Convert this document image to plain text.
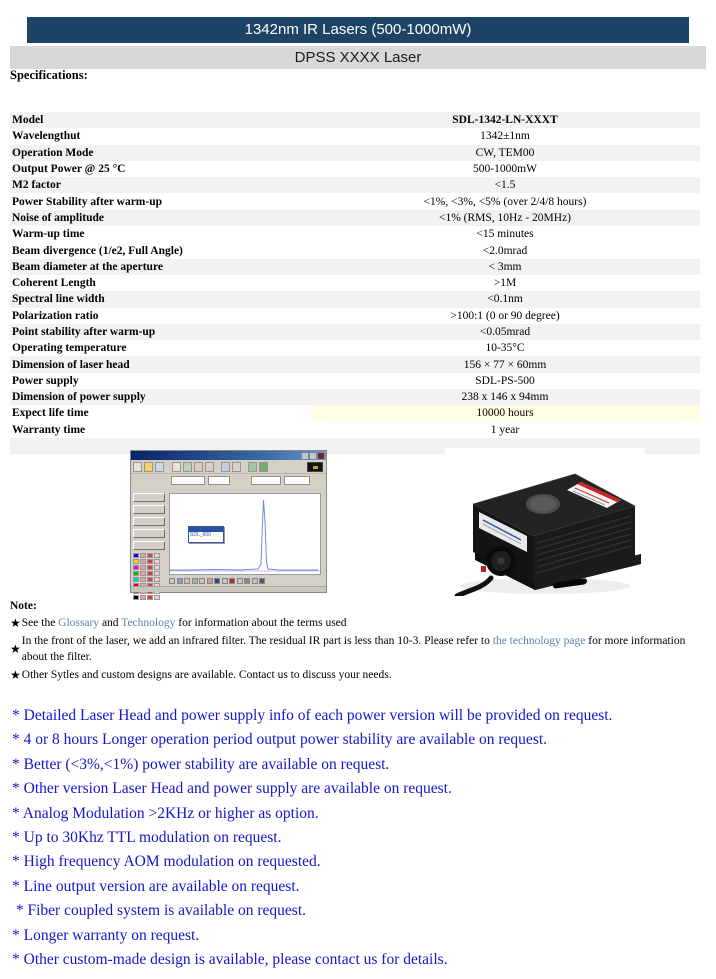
1342nm IR Lasers (500-1000mW)
DPSS XXXX Laser
Specifications:
Model	SDL-1342-LN-XXXT
Wavelengthut	1342±1nm
Operation Mode	CW, TEM00
Output Power @ 25 °C	500-1000mW
M2 factor	<1.5
Power Stability after warm-up	<1%, <3%, <5% (over 2/4/8 hours)
Noise of amplitude	<1% (RMS, 10Hz - 20MHz)
Warm-up time	<15 minutes
Beam divergence (1/e2, Full Angle)	<2.0mrad
Beam diameter at the aperture	< 3mm
Coherent Length	>1M
Spectral line width	<0.1nm
Polarization ratio	>100:1 (0 or 90 degree)
Point stability after warm-up	<0.05mrad
Operating temperature	10-35°C
Dimension of laser head	156 × 77 × 60mm
Power supply	SDL-PS-500
Dimension of power supply	238 x 146 x 94mm
Expect life time	10000 hours
Warranty time	1 year

SDL_600
Note:
★ See the Glossary and Technology for information about the terms used
★
In the front of the laser, we add an infrared filter. The residual IR part is less than 10-3. Please refer to the technology page for more information about the filter.
★ Other Sytles and custom designs are available. Contact us to discuss your needs.
* Detailed Laser Head and power supply info of each power version will be provided on request.
* 4 or 8 hours Longer operation period output power stability are available on request.
* Better (<3%,<1%) power stability are available on request.
* Other version Laser Head and power supply are available on request.
* Analog Modulation >2KHz or higher as option.
* Up to 30Khz TTL modulation on request.
* High frequency AOM modulation on requested.
* Line output version are available on request.
* Fiber coupled system is available on request.
* Longer warranty on request.
* Other custom-made design is available, please contact us for details.
